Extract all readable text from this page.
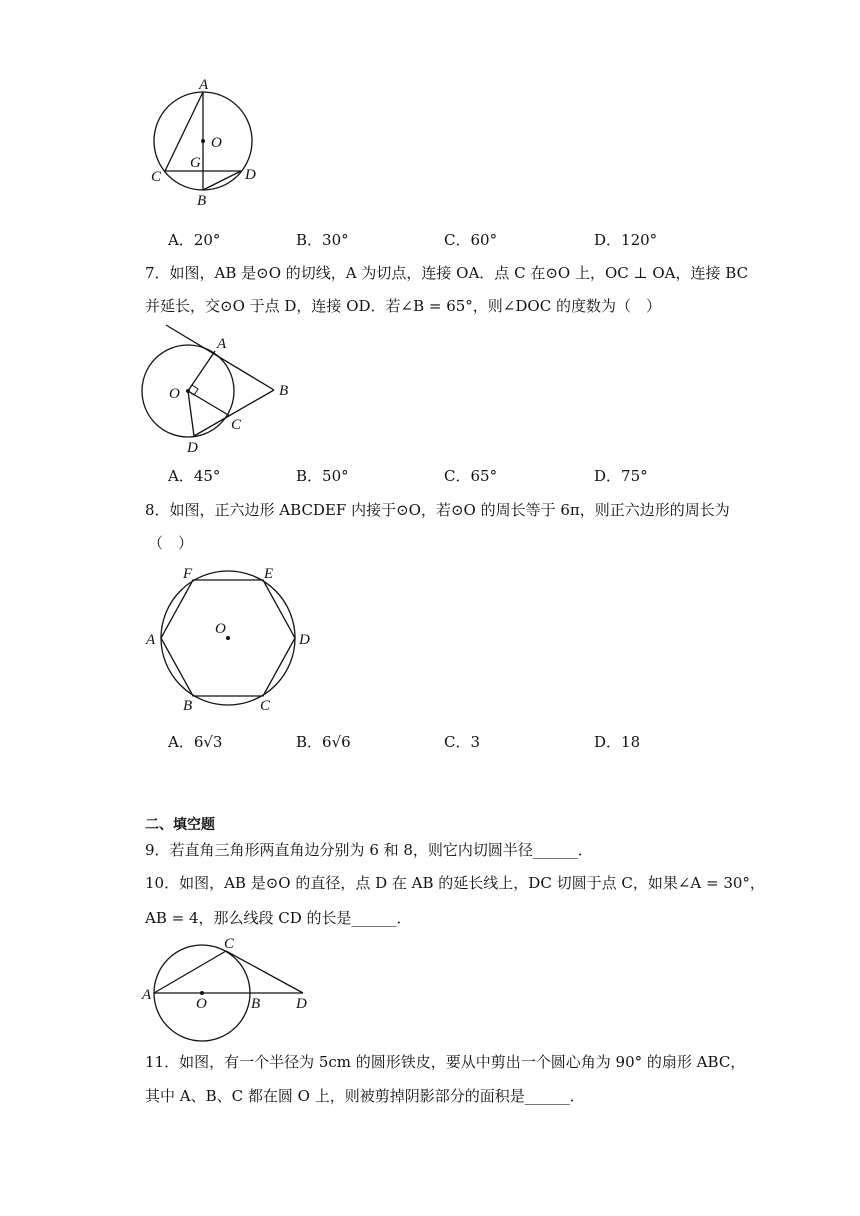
A
O
G
C	D
B
A．20°	B．30°	C．60°	D．120°
7．如图，AB 是⊙O 的切线，A 为切点，连接 OA．点 C 在⊙O 上，OC ⊥ OA，连接 BC
并延长，交⊙O 于点 D，连接 OD．若∠B = 65°，则∠DOC 的度数为（　）
A
O	B
C
D
A．45°	B．50°	C．65°	D．75°
8．如图，正六边形 ABCDEF 内接于⊙O，若⊙O 的周长等于 6π，则正六边形的周长为
（　）
F	E
A
O
D
B	C
A．6√3	B．6√6	C．3	D．18
二、填空题
9．若直角三角形两直角边分别为 6 和 8，则它内切圆半径______．
10．如图，AB 是⊙O 的直径，点 D 在 AB 的延长线上，DC 切圆于点 C，如果∠A = 30°，
AB = 4，那么线段 CD 的长是______．
A
O	B D
C
11．如图，有一个半径为 5cm 的圆形铁皮，要从中剪出一个圆心角为 90° 的扇形 ABC，
其中 A、B、C 都在圆 O 上，则被剪掉阴影部分的面积是______．
